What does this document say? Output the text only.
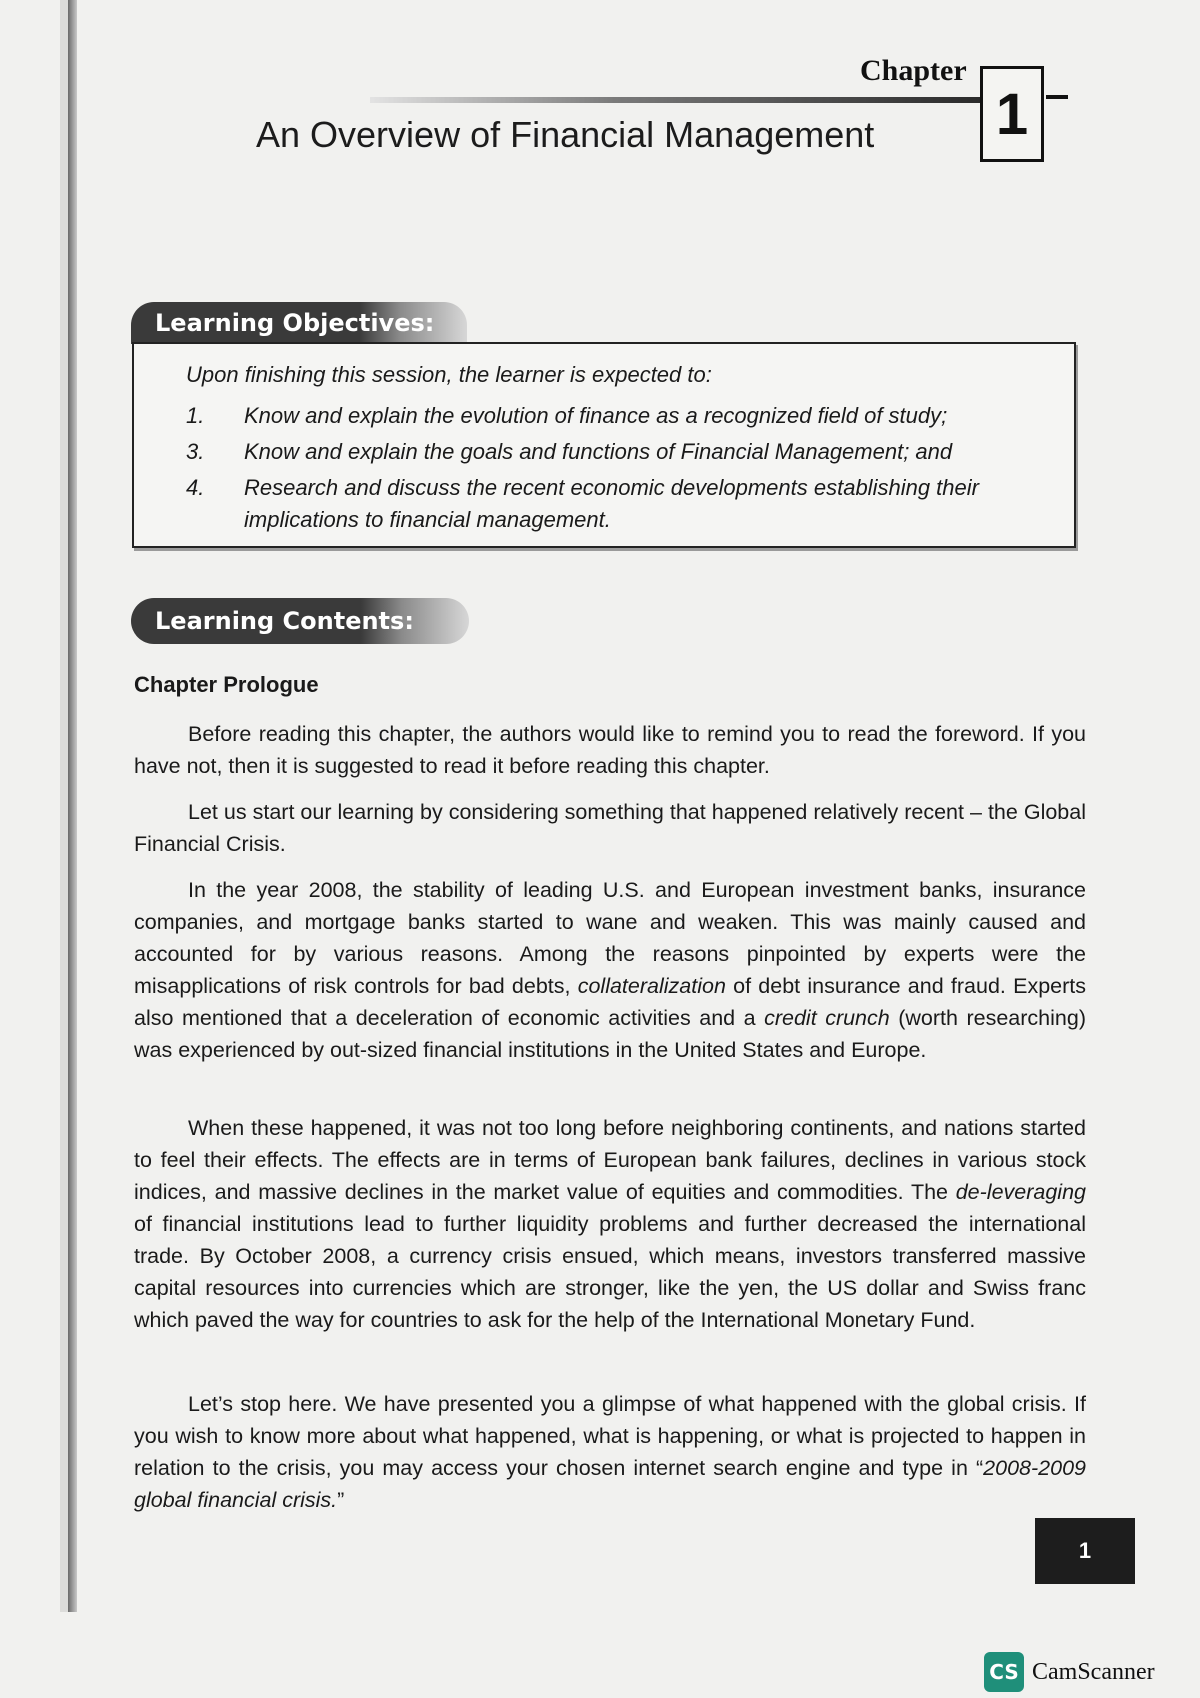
Chapter
1
An Overview of Financial Management
Learning Objectives:
Upon finishing this session, the learner is expected to:
1. Know and explain the evolution of finance as a recognized field of study;
3. Know and explain the goals and functions of Financial Management; and
4. Research and discuss the recent economic developments establishing their implications to financial management.
Learning Contents:
Chapter Prologue

Before reading this chapter, the authors would like to remind you to read the foreword. If you have not, then it is suggested to read it before reading this chapter.

Let us start our learning by considering something that happened relatively recent – the Global Financial Crisis.

In the year 2008, the stability of leading U.S. and European investment banks, insurance companies, and mortgage banks started to wane and weaken. This was mainly caused and accounted for by various reasons. Among the reasons pinpointed by experts were the misapplications of risk controls for bad debts, collateralization of debt insurance and fraud. Experts also mentioned that a deceleration of economic activities and a credit crunch (worth researching) was experienced by out-sized financial institutions in the United States and Europe.

When these happened, it was not too long before neighboring continents, and nations started to feel their effects. The effects are in terms of European bank failures, declines in various stock indices, and massive declines in the market value of equities and commodities. The de-leveraging of financial institutions lead to further liquidity problems and further decreased the international trade. By October 2008, a currency crisis ensued, which means, investors transferred massive capital resources into currencies which are stronger, like the yen, the US dollar and Swiss franc which paved the way for countries to ask for the help of the International Monetary Fund.

Let’s stop here. We have presented you a glimpse of what happened with the global crisis. If you wish to know more about what happened, what is happening, or what is projected to happen in relation to the crisis, you may access your chosen internet search engine and type in “2008-2009 global financial crisis.”

1
CS CamScanner
